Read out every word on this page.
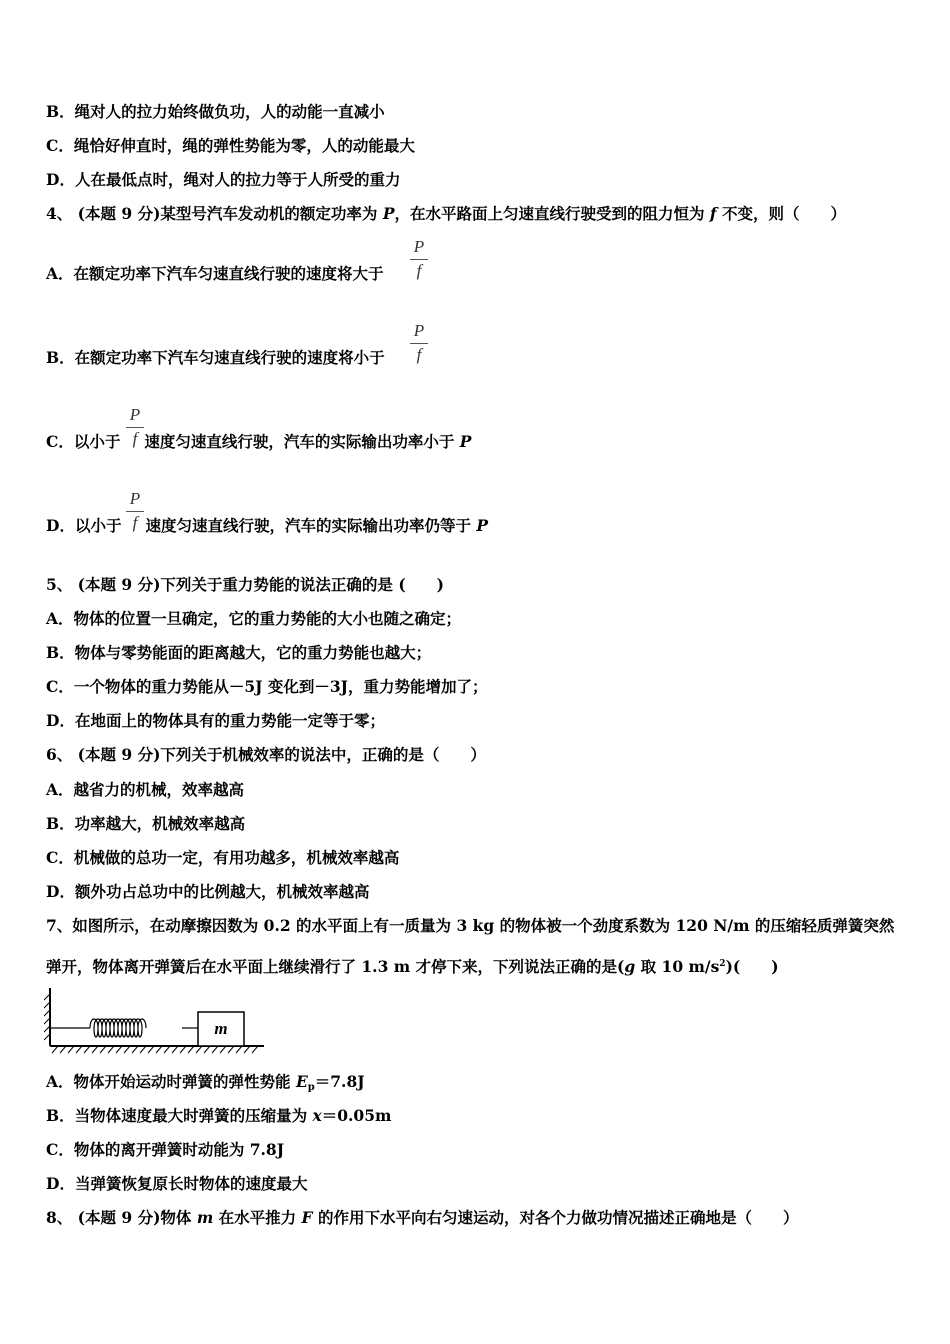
B．绳对人的拉力始终做负功，人的动能一直减小
C．绳恰好伸直时，绳的弹性势能为零，人的动能最大
D．人在最低点时，绳对人的拉力等于人所受的重力
4、 (本题 9 分)某型号汽车发动机的额定功率为 P，在水平路面上匀速直线行驶受到的阻力恒为 f 不变，则（　　）
A．在额定功率下汽车匀速直线行驶的速度将大于
P
f
B．在额定功率下汽车匀速直线行驶的速度将小于
P
f
C．以小于 速度匀速直线行驶，汽车的实际输出功率小于 P
P
f
D．以小于 速度匀速直线行驶，汽车的实际输出功率仍等于 P
P
f
5、 (本题 9 分)下列关于重力势能的说法正确的是 (　　)
A．物体的位置一旦确定，它的重力势能的大小也随之确定；
B．物体与零势能面的距离越大，它的重力势能也越大；
C．一个物体的重力势能从－5J 变化到－3J，重力势能增加了；
D．在地面上的物体具有的重力势能一定等于零；
6、 (本题 9 分)下列关于机械效率的说法中，正确的是（　　）
A．越省力的机械，效率越高
B．功率越大，机械效率越高
C．机械做的总功一定，有用功越多，机械效率越高
D．额外功占总功中的比例越大，机械效率越高
7、如图所示，在动摩擦因数为 0.2 的水平面上有一质量为 3 kg 的物体被一个劲度系数为 120 N/m 的压缩轻质弹簧突然
弹开，物体离开弹簧后在水平面上继续滑行了 1.3 m 才停下来，下列说法正确的是(g 取 10 $m/s^2$)(　　)
m
A．物体开始运动时弹簧的弹性势能 $E_p=7.8J$
B．当物体速度最大时弹簧的压缩量为 x＝0.05m
C．物体的离开弹簧时动能为 7.8J
D．当弹簧恢复原长时物体的速度最大
8、 (本题 9 分)物体 m 在水平推力 F 的作用下水平向右匀速运动，对各个力做功情况描述正确地是（　　）
